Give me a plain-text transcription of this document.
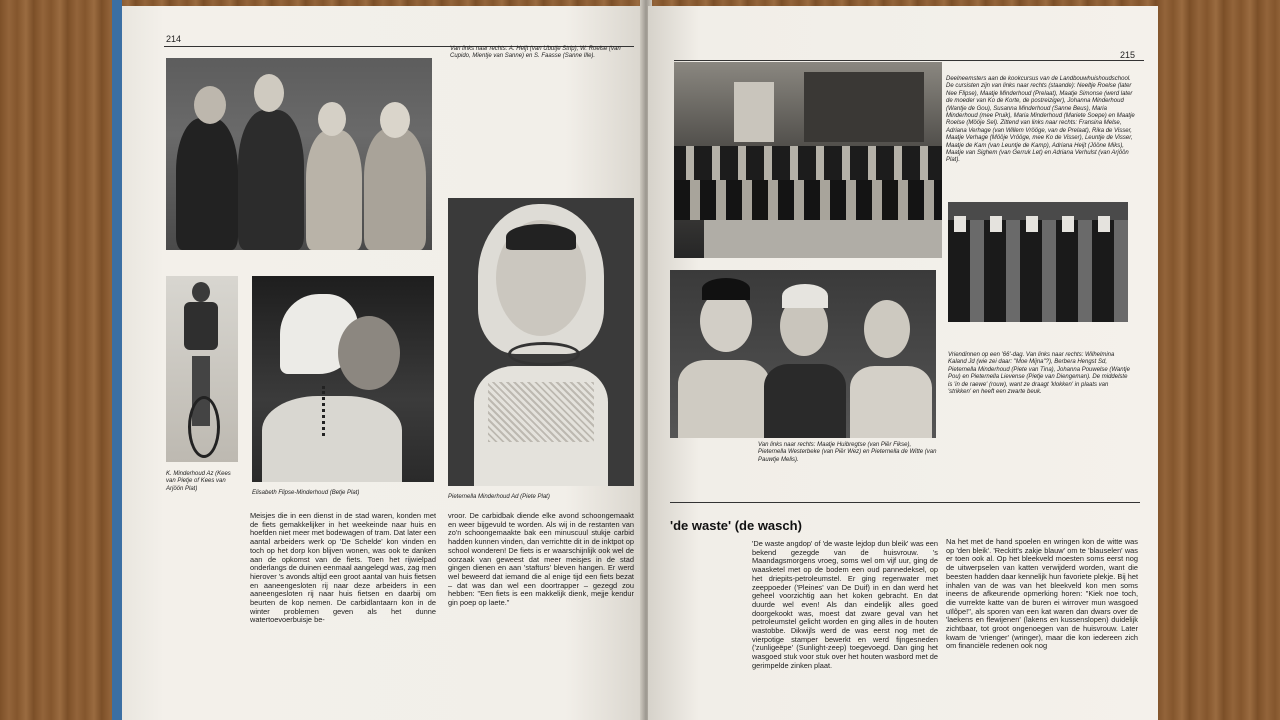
214
Van links naar rechts: A. Heijt (van Ubutje Strip), W. Roelse (van Cupido, Mientje van Sanne) en S. Faasse (Sanne Ille).
K. Minderhoud Az (Kees van Pietje of Kees van Arjöön Plat)
Elisabeth Flipse-Minderhoud (Betje Plat)
Pieternella Minderhoud Ad (Piete Plat)
Meisjes die in een dienst in de stad waren, konden met de fiets gemakkelijker in het weekeinde naar huis en hoefden niet meer met bodewagen of tram. Dat later een aantal arbeiders werk op 'De Schelde' kon vinden en toch op het dorp kon blijven wonen, was ook te danken aan de opkomst van de fiets. Toen het rijwielpad onderlangs de duinen eenmaal aangelegd was, zag men hierover 's avonds altijd een groot aantal van huis fietsen en aaneengesloten rij naar deze arbeiders in een aaneengesloten rij naar huis fietsen en daarbij om beurten de kop nemen. De carbidlantaarn kon in de winter problemen geven als het dunne watertoevoerbuisje be-
vroor. De carbidbak diende elke avond schoongemaakt en weer bijgevuld te worden. Als wij in de restanten van zo'n schoongemaakte bak een minuscuul stukje carbid hadden kunnen vinden, dan verrichtte dit in de inktpot op school wonderen! De fiets is er waarschijnlijk ook wel de oorzaak van geweest dat meer meisjes in de stad gingen dienen en aan 'stafturs' bleven hangen. Er werd wel beweerd dat iemand die al enige tijd een fiets bezat – dat was dan wel een doortrapper – gezegd zou hebben: "Een fiets is een makkelijk dienk, mejje kendur gin poep op laete."
215
Deelneemsters aan de kookcursus van de Landbouwhuishoudschool. De cursisten zijn van links naar rechts (staande): Neeltje Roelse (later Nee Flipse), Maatje Minderhoud (Prelaat), Maatje Simonse (werd later de moeder van Ko de Korte, de postreiziger), Johanna Minderhoud (Wantje de Gou), Susanna Minderhoud (Sanne Beus), Maria Minderhoud (mee Pruik), Maria Minderhoud (Mariete Soepe) en Maatje Roelse (Mööje Sel). Zittend van links naar rechts: Fransina Melse, Adriana Verhage (van Willem Vrööge, van de Prelaat), Rika de Visser, Maatje Verhage (Mööje Vrööge, mee Ko de Visser), Leuntje de Visser, Maatje de Kam (van Leuntje de Kamp), Adriana Heijt (Jööne Miks), Maatje van Sighem (van Gerruk Let) en Adriana Verhulst (van Arjöön Plat).
Vriendinnen op een '66'-dag. Van links naar rechts: Wilhelmina Kaland Jd (wie zei daar: "Moe Mijna"?), Berbera Hengst Sd, Pieternella Minderhoud (Piete van Tina), Johanna Pouwelse (Wantje Pou) en Pieternella Lievense (Pietje van Diengeman). De middelste is 'in de raewe' (rouw), want ze draagt 'klokken' in plaats van 'strikken' en heeft een zwarte beuk.
Van links naar rechts: Maatje Huibregtse (van Piër Fikse), Pieternella Westerbeke (van Piër Wez) en Pieternella de Witte (van Pauwtje Melis).
'de waste' (de wasch)
'De waste angdop' of 'de waste lejdop dun bleik' was een bekend gezegde van de huisvrouw. 's Maandagsmorgens vroeg, soms wel om vijf uur, ging de waasketel met op de bodem een oud pannedeksel, op het driepits-petroleumstel. Er ging regenwater met zeeppoeder ('Pleines' van De Duif) in en dan werd het geheel voorzichtig aan het koken gebracht. En dat duurde wel even! Als dan eindelijk alles goed doorgekookt was, moest dat zware geval van het petroleumstel gelicht worden en ging alles in de houten wastobbe. Dikwijls werd de was eerst nog met de vierpotige stamper bewerkt en werd fijngesneden ('zunligeëpe' (Sunlight-zeep) toegevoegd. Dan ging het wasgoed stuk voor stuk over het houten wasbord met de gerimpelde zinken plaat.
Na het met de hand spoelen en wringen kon de witte was op 'den bleik'. 'Reckitt's zakje blauw' om te 'blauselen' was er toen ook al. Op het bleekveld moesten soms eerst nog de uitwerpselen van katten verwijderd worden, want die beesten hadden daar kennelijk hun favoriete plekje. Bij het inhalen van de was van het bleekveld kon men soms ineens de afkeurende opmerking horen: "Kiek noe toch, die vurrekte katte van de buren ei wirrover mun wasgoed uïlôpe!", als sporen van een kat waren dan dwars over de 'laekens en flewijenen' (lakens en kussenslopen) duidelijk zichtbaar, tot groot ongenoegen van de huisvrouw. Later kwam de 'vrienger' (wringer), maar die kon iedereen zich om financiële redenen ook nog
